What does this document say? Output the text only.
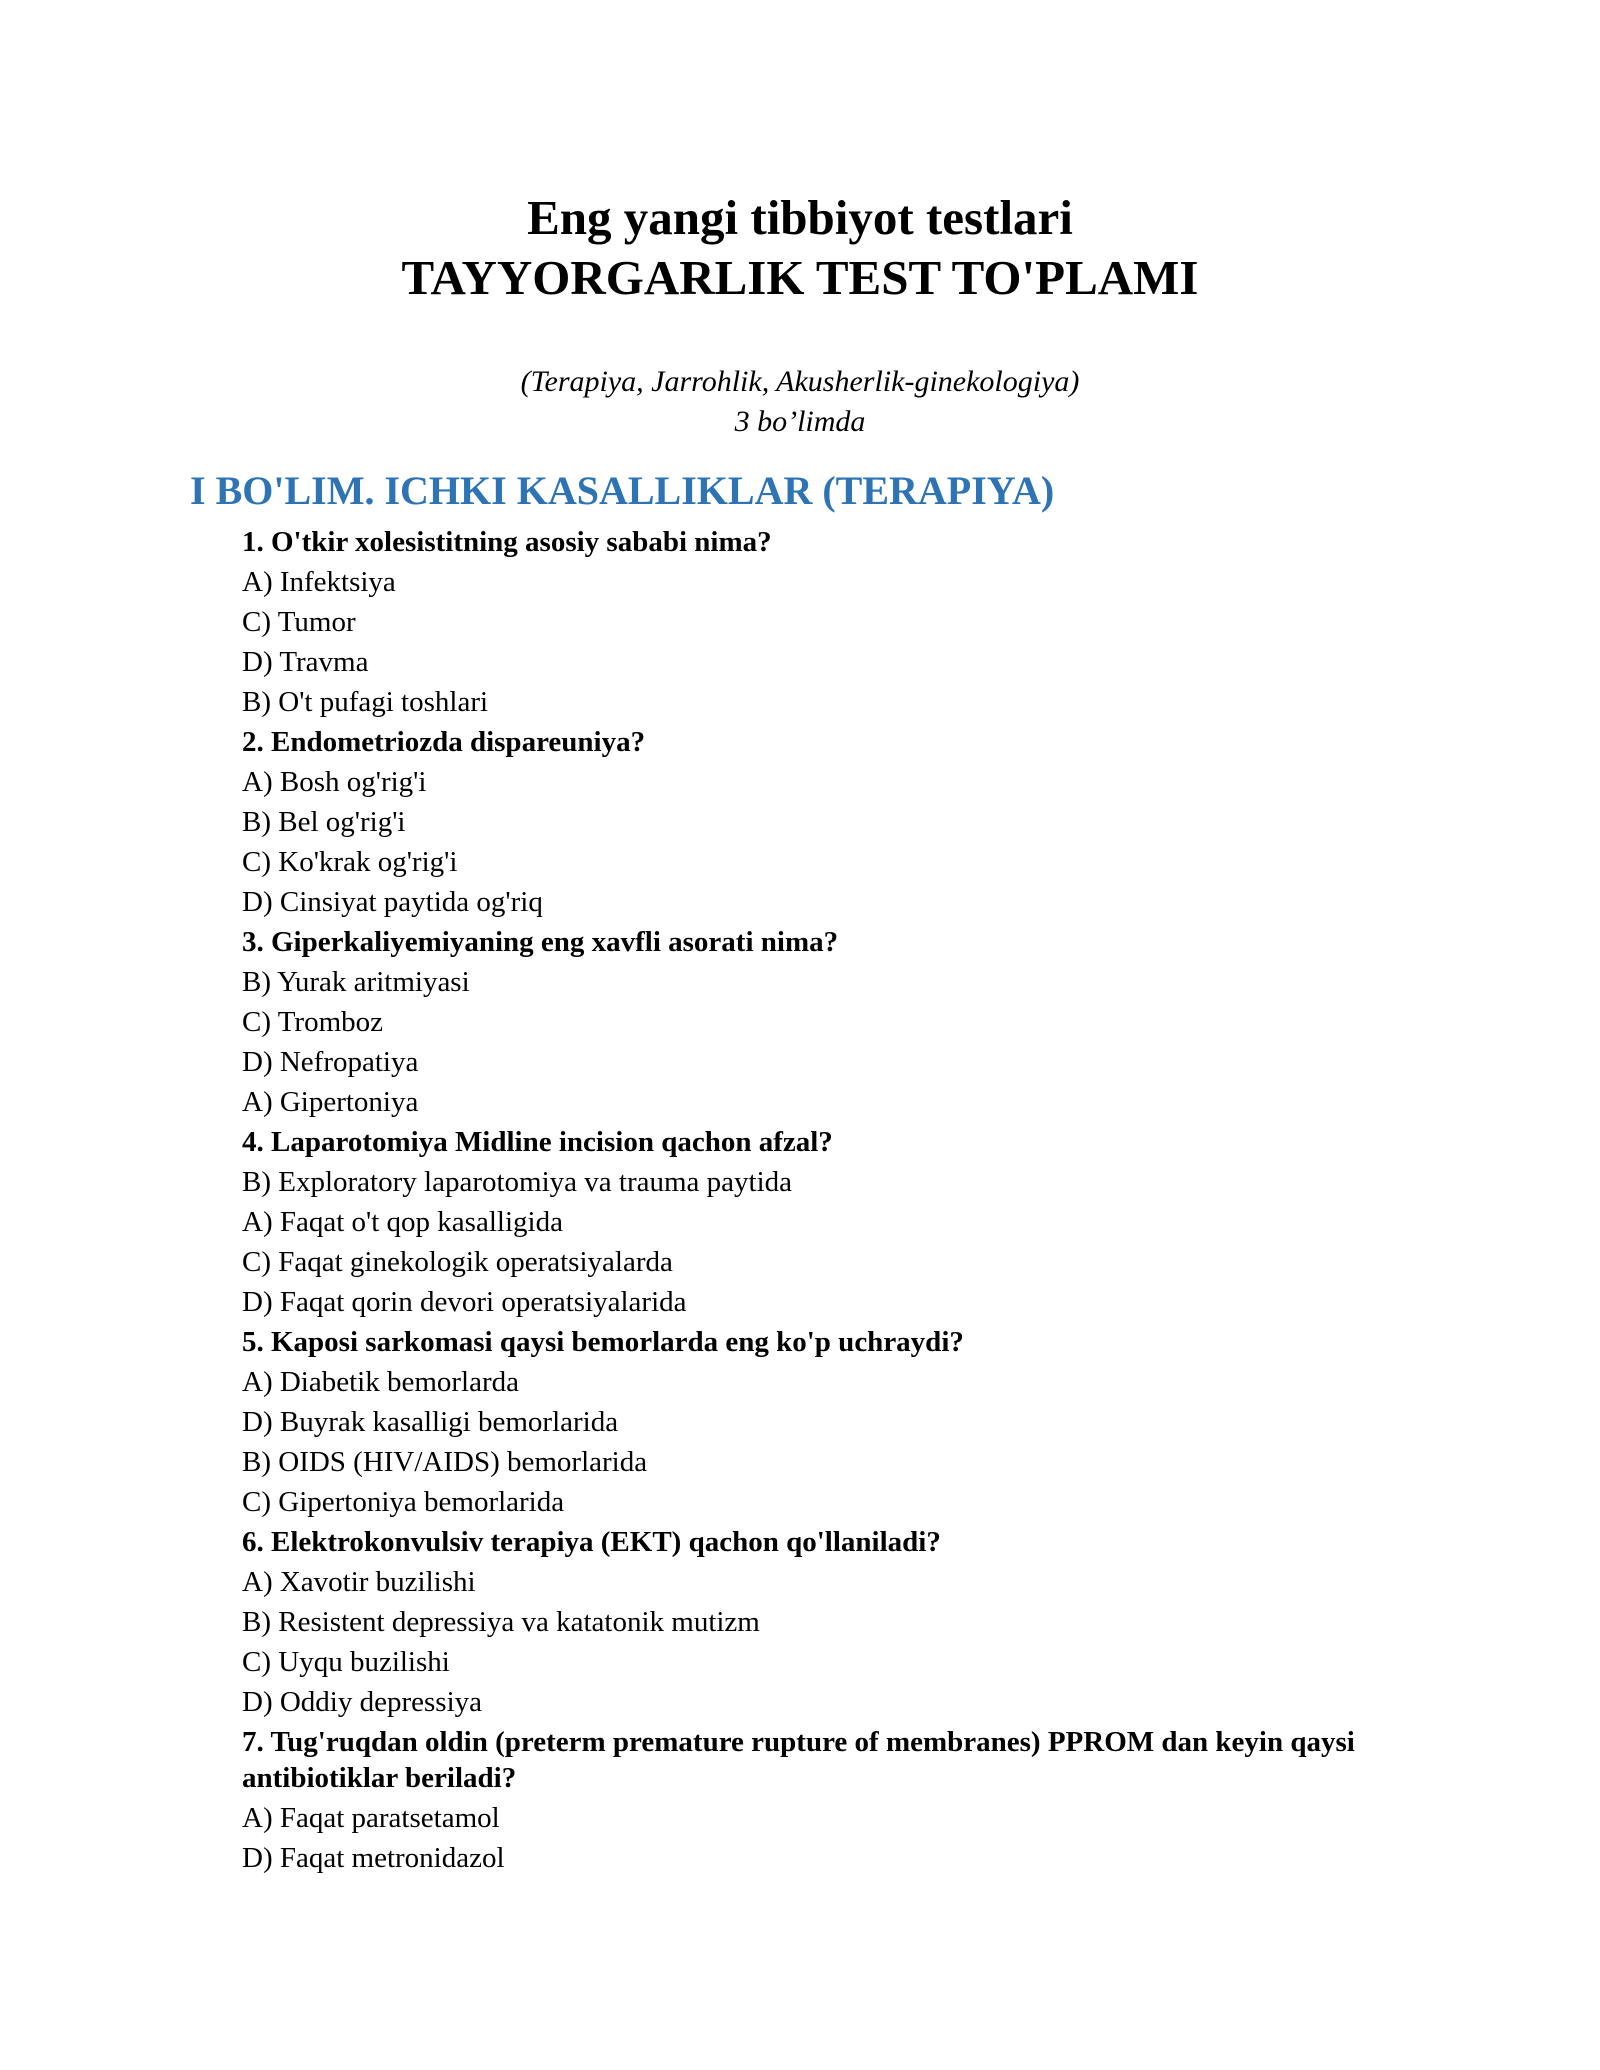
Eng yangi tibbiyot testlari

TAYYORGARLIK TEST TO'PLAMI

(Terapiya, Jarrohlik, Akusherlik-ginekologiya)

3 bo’limda

I BO'LIM. ICHKI KASALLIKLAR (TERAPIYA)

1. O'tkir xolesistitning asosiy sababi nima?

A) Infektsiya

C) Tumor

D) Travma

B) O't pufagi toshlari

2. Endometriozda dispareuniya?

A) Bosh og'rig'i

B) Bel og'rig'i

C) Ko'krak og'rig'i

D) Cinsiyat paytida og'riq

3. Giperkaliyemiyaning eng xavfli asorati nima?

B) Yurak aritmiyasi

C) Tromboz

D) Nefropatiya

A) Gipertoniya

4. Laparotomiya Midline incision qachon afzal?

B) Exploratory laparotomiya va trauma paytida

A) Faqat o't qop kasalligida

C) Faqat ginekologik operatsiyalarda

D) Faqat qorin devori operatsiyalarida

5. Kaposi sarkomasi qaysi bemorlarda eng ko'p uchraydi?

A) Diabetik bemorlarda

D) Buyrak kasalligi bemorlarida

B) OIDS (HIV/AIDS) bemorlarida

C) Gipertoniya bemorlarida

6. Elektrokonvulsiv terapiya (EKT) qachon qo'llaniladi?

A) Xavotir buzilishi

B) Resistent depressiya va katatonik mutizm

C) Uyqu buzilishi

D) Oddiy depressiya

7. Tug'ruqdan oldin (preterm premature rupture of membranes) PPROM dan keyin qaysi antibiotiklar beriladi?

A) Faqat paratsetamol

D) Faqat metronidazol
